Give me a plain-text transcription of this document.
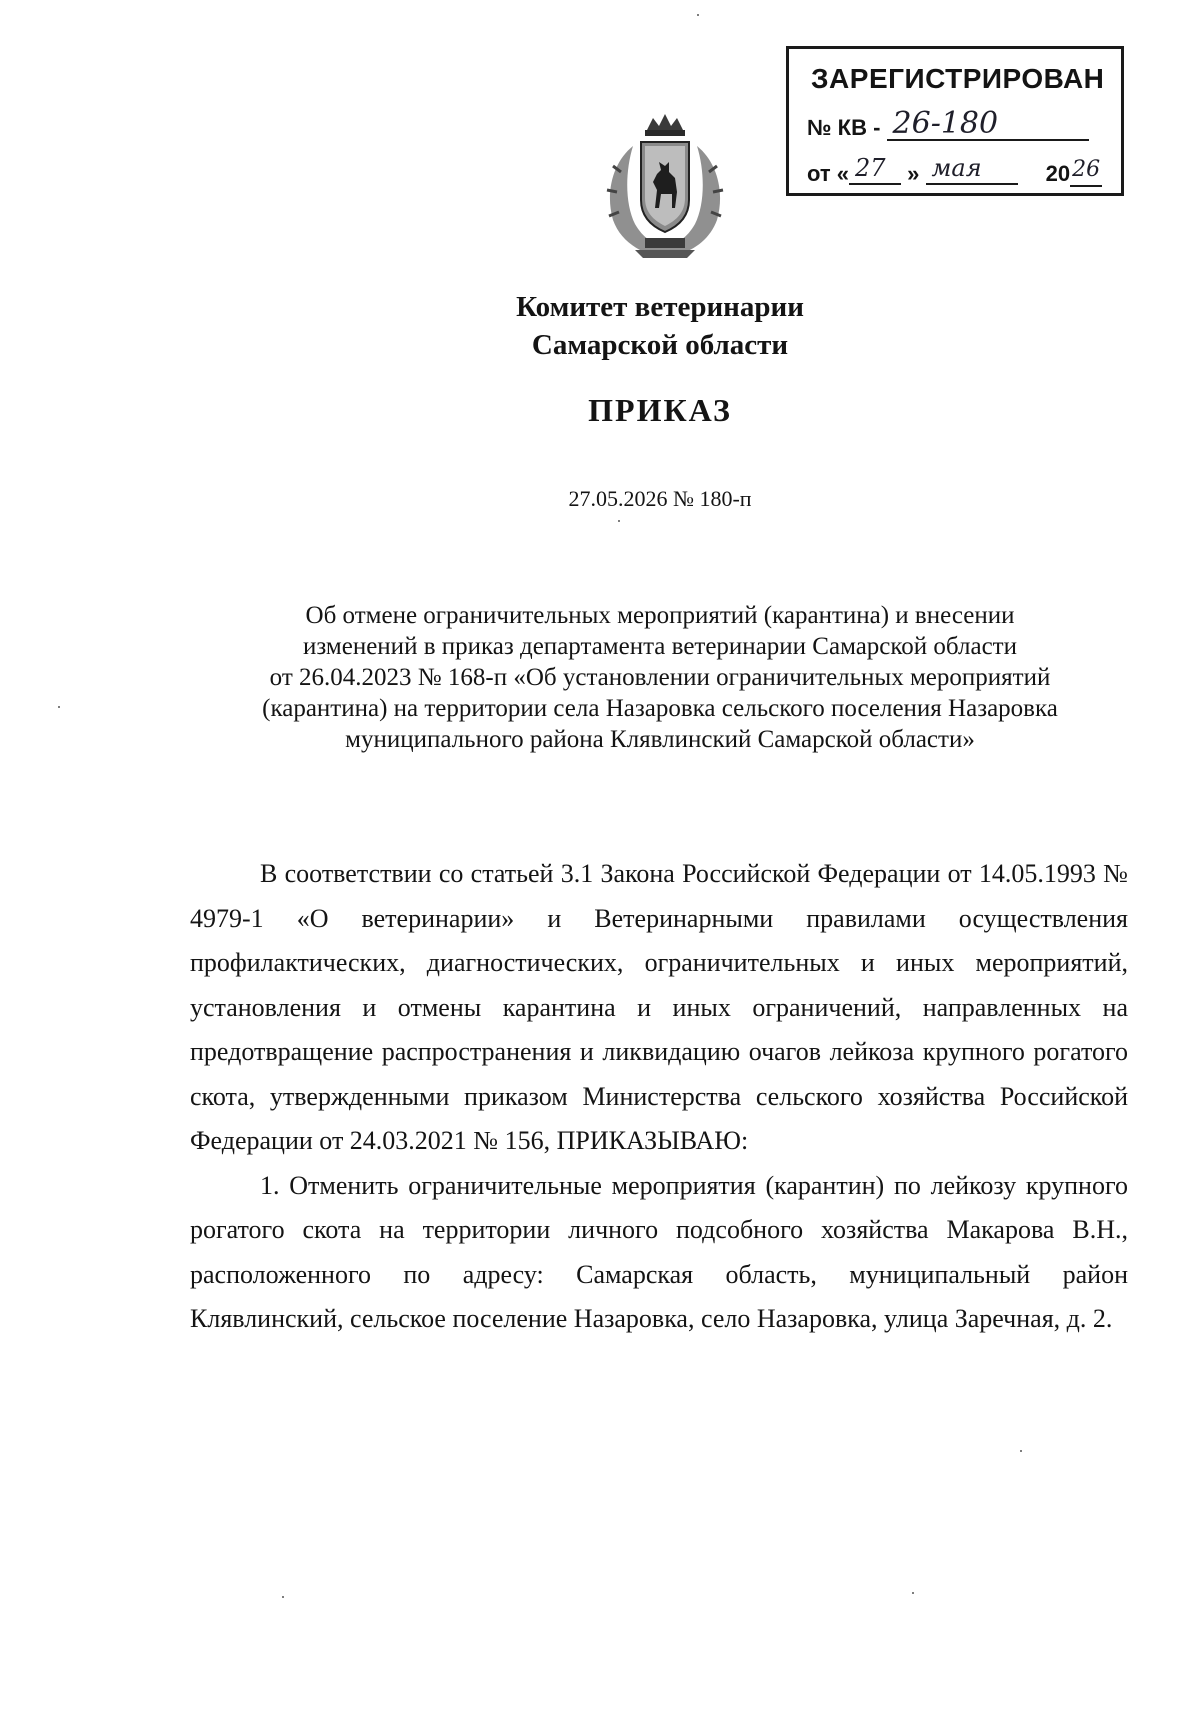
ЗАРЕГИСТРИРОВАН
№ КВ - 26-180
от « 27 » мая	2026
Комитет ветеринарии
Самарской области
ПРИКАЗ
27.05.2026 № 180-п
Об отмене ограничительных мероприятий (карантина) и внесении
изменений в приказ департамента ветеринарии Самарской области
от 26.04.2023 № 168-п «Об установлении ограничительных мероприятий
(карантина) на территории села Назаровка сельского поселения Назаровка
муниципального района Клявлинский Самарской области»

В соответствии со статьей 3.1 Закона Российской Федерации от 14.05.1993 № 4979-1 «О ветеринарии» и Ветеринарными правилами осуществления профилактических, диагностических, ограничительных и иных мероприятий, установления и отмены карантина и иных ограничений, направленных на предотвращение распространения и ликвидацию очагов лейкоза крупного рогатого скота, утвержденными приказом Министерства сельского хозяйства Российской Федерации от 24.03.2021 № 156, ПРИКАЗЫВАЮ:

1. Отменить ограничительные мероприятия (карантин) по лейкозу крупного рогатого скота на территории личного подсобного хозяйства Макарова В.Н., расположенного по адресу: Самарская область, муниципальный район Клявлинский, сельское поселение Назаровка, село Назаровка, улица Заречная, д. 2.
